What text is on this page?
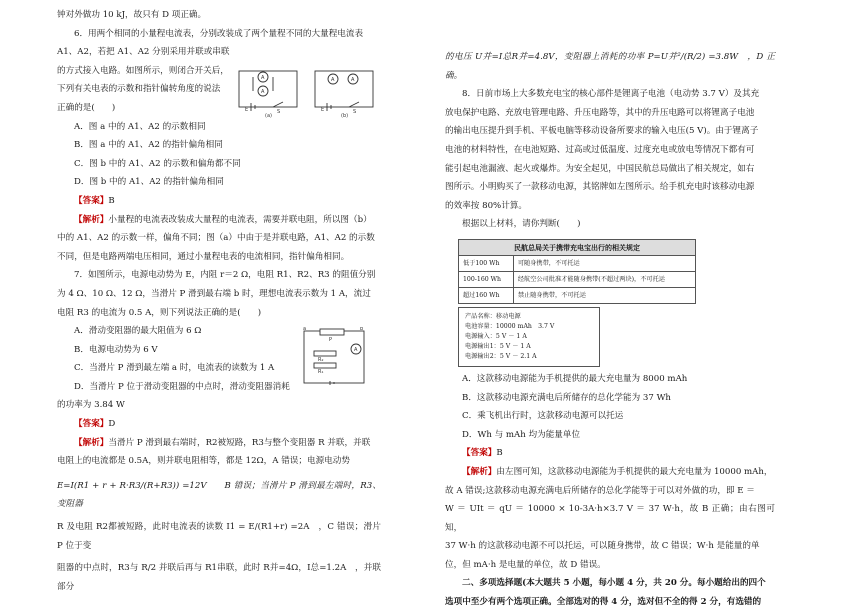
钟对外做功 10 kJ，故只有 D 项正确。

6．用两个相同的小量程电流表，分别改装成了两个量程不同的大量程电流表

A1、A2，若把 A1、A2 分别采用并联或串联

的方式接入电路。如图所示，则闭合开关后，

下列有关电表的示数和指针偏转角度的说法

正确的是(　　)

A．图 a 中的 A1、A2 的示数相同

B．图 a 中的 A1、A2 的指针偏角相同

C．图 b 中的 A1、A2 的示数和偏角都不同

D．图 b 中的 A1、A2 的指针偏角相同

【答案】B

【解析】小量程的电流表改装成大量程的电流表，需要并联电阻，所以图（b）

中的 A1、A2 的示数一样，偏角不同；图（a）中由于是并联电路，A1、A2 的示数

不同，但是电路两端电压相同，通过小量程电表的电流相同，指针偏角相同。

7．如图所示，电源电动势为 E，内阻 r＝2 Ω，电阻 R1、R2、R3 的阻值分别

为 4 Ω、10 Ω、12 Ω，当滑片 P 滑到最右端 b 时，理想电流表示数为 1 A，流过

电阻 R3 的电流为 0.5 A，则下列说法正确的是(　　)

A．滑动变阻器的最大阻值为 6 Ω

B．电源电动势为 6 V

C．当滑片 P 滑到最左端 a 时，电流表的读数为 1 A

D．当滑片 P 位于滑动变阻器的中点时，滑动变阻器消耗

的功率为 3.84 W

【答案】D

【解析】当滑片 P 滑到最右端时，R2被短路，R3与整个变阻器 R 并联，并联

电阻上的电流都是 0.5A，则并联电阻相等，都是 12Ω，A 错误；电源电动势

E=I(R1 + r + R·R3/(R+R3)) =12V　　B 错误；当滑片 P 滑到最左端时，R3、变阻器

R 及电阻 R2都被短路，此时电流表的读数 I1 = E/(R1+r) =2A　，C 错误；滑片 P 位于变

阻器的中点时，R3与 R/2 并联后再与 R1串联，此时 R并=4Ω，I总=1.2A　，并联部分

A
A
A	A
E	S	E	S
(a)	(b)
a	b
P
A
R₂
R₁

的电压 U并=I总R并=4.8V，变阻器上消耗的功率 P=U并²/(R/2) =3.8W　，D 正确。

8．日前市场上大多数充电宝的核心部件是锂离子电池（电动势 3.7 V）及其充

放电保护电路、充放电管理电路、升压电路等，其中的升压电路可以将锂离子电池

的输出电压提升到手机、平板电脑等移动设备所要求的输入电压(5 V)。由于锂离子

电池的材料特性，在电池短路、过高或过低温度、过度充电或放电等情况下都有可

能引起电池漏液、起火或爆炸。为安全起见，中国民航总局做出了相关规定，如右

图所示。小明购买了一款移动电源，其铭牌如左图所示。给手机充电时该移动电源

的效率按 80%计算。

根据以上材料，请你判断(　　)

民航总局关于携带充电宝出行的相关规定	
低于100 Wh	可随身携带，不可托运
100-160 Wh	经航空公司批准才能随身携带(不超过两块)，不可托运
超过160 Wh	禁止随身携带，不可托运
产品名称：移动电源
电池容量：10000 mAh　3.7 V
电源输入：5 V － 1 A
电源输出1：5 V － 1 A
电源输出2：5 V － 2.1 A

A．这款移动电源能为手机提供的最大充电量为 8000 mAh

B．这款移动电源充满电后所储存的总化学能为 37 Wh

C．乘飞机出行时，这款移动电源可以托运

D．Wh 与 mAh 均为能量单位

【答案】B

【解析】由左图可知，这款移动电源能为手机提供的最大充电量为 10000 mAh，

故 A 错误;这款移动电源充满电后所储存的总化学能等于可以对外做的功，即 E ＝

W ＝ UIt ＝ qU ＝ 10000 × 10-3A·h×3.7 V ＝ 37 W·h，故 B 正确；由右图可知，

37 W·h 的这款移动电源不可以托运，可以随身携带，故 C 错误；W·h 是能量的单

位，但 mA·h 是电量的单位，故 D 错误。

二、多项选择题(本大题共 5 小题，每小题 4 分，共 20 分。每小题给出的四个

选项中至少有两个选项正确。全部选对的得 4 分，选对但不全的得 2 分，有选错的
